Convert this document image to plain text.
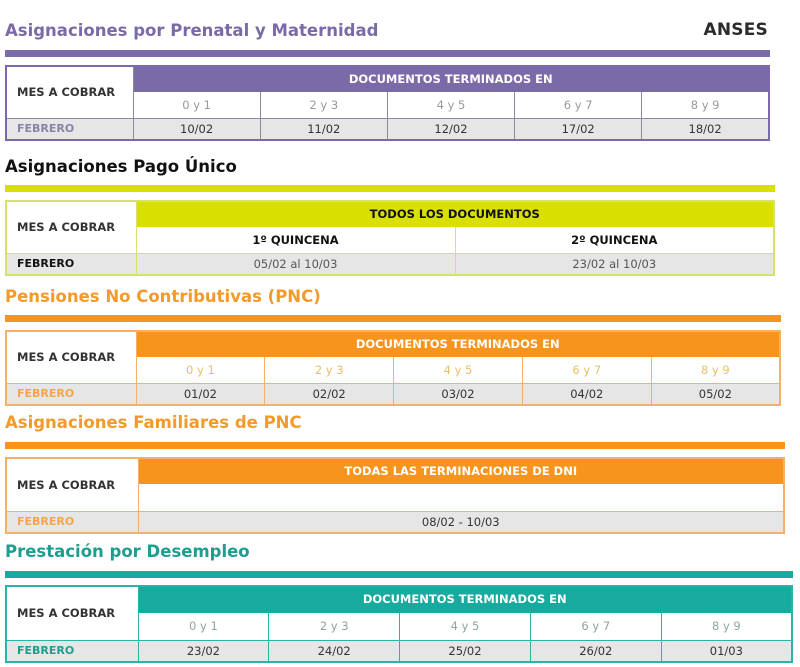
ANSES
Asignaciones por Prenatal y Maternidad
MES A COBRAR	DOCUMENTOS TERMINADOS EN				
	0 y 1	2 y 3	4 y 5	6 y 7	8 y 9
FEBRERO	10/02	11/02	12/02	17/02	18/02
Asignaciones Pago Único
MES A COBRAR	TODOS LOS DOCUMENTOS	
	1º QUINCENA	2º QUINCENA
FEBRERO	05/02 al 10/03	23/02 al 10/03
Pensiones No Contributivas (PNC)
MES A COBRAR	DOCUMENTOS TERMINADOS EN				
	0 y 1	2 y 3	4 y 5	6 y 7	8 y 9
FEBRERO	01/02	02/02	03/02	04/02	05/02
Asignaciones Familiares de PNC
MES A COBRAR	TODAS LAS TERMINACIONES DE DNI

FEBRERO	08/02 - 10/03
Prestación por Desempleo
MES A COBRAR	DOCUMENTOS TERMINADOS EN				
	0 y 1	2 y 3	4 y 5	6 y 7	8 y 9
FEBRERO	23/02	24/02	25/02	26/02	01/03
